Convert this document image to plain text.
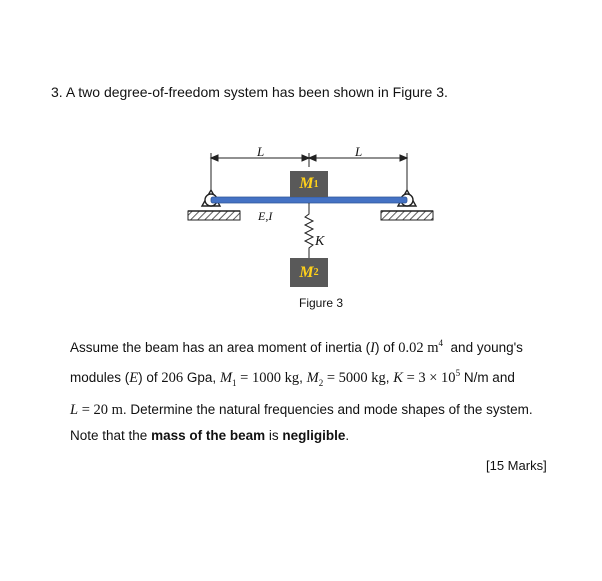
3. A two degree-of-freedom system has been shown in Figure 3.
L	L
E,I
K
M 1
M 2
Figure 3
Assume the beam has an area moment of inertia (I) of 0.02 $m^4$  and young's
modules (E) of 206 Gpa, $M_1 = 1000$ kg, $M_2 = 5000$ kg, $K = 3 \times 10^5$ N/m and
L = 20 m. Determine the natural frequencies and mode shapes of the system.
Note that the mass of the beam is negligible.
[15 Marks]
